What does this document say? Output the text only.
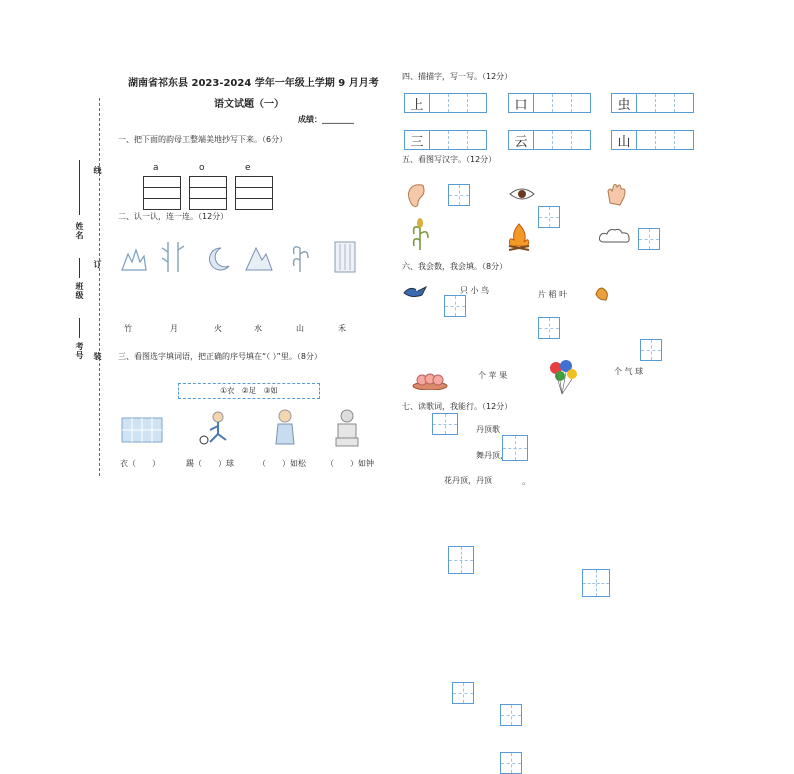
线
订
装
姓名
班级
考号
湖南省祁东县 2023-2024 学年一年级上学期 9 月月考
语文试题（一）
成绩：________
一、把下面的韵母工整端美地抄写下来。（6分）
a	o	e
二、认一认，连一连。（12分）
竹	月	火	水	山	禾
三、看图选字填词语，把正确的序号填在“（ ）”里。（8分）
①衣　②足　③如
衣（　　）	踢（　　）球	（　　）如松	（　　）如钟
四、描描字，写一写。（12分）
上	口	虫
三	云	山
五、看图写汉字。（12分）
六、我会数，我会填。（8分）
只 小 鸟	片 稻 叶
个 苹 果	个 气 球
七、读歌词，我能行。（12分）
丹顶歌
舞丹顶，
花丹顶，丹顶	。
